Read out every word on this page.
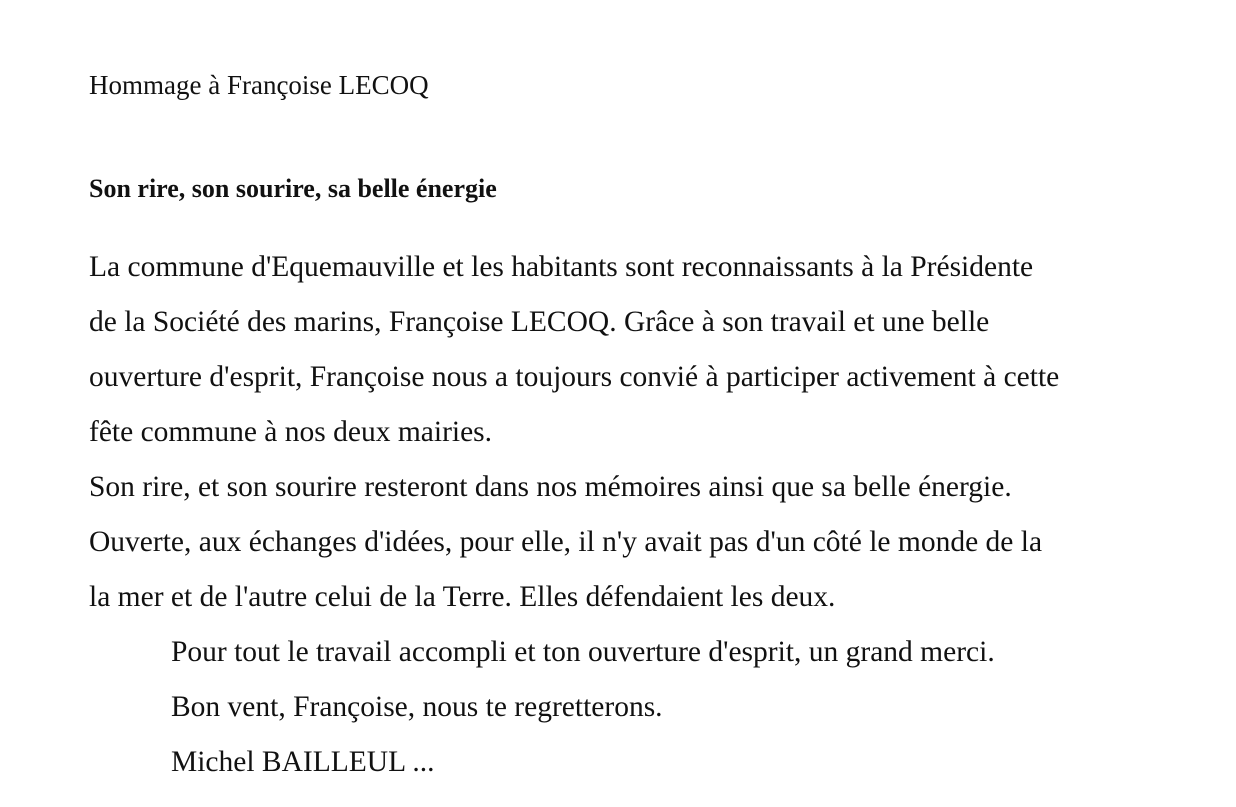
Hommage à Françoise LECOQ
Son rire, son sourire, sa belle énergie
La commune d'Equemauville et les habitants sont reconnaissants à la Présidente
de la Société des marins, Françoise LECOQ. Grâce à son travail et une belle
ouverture d'esprit, Françoise nous a toujours convié à participer activement à cette
fête commune à nos deux mairies.
Son rire, et son sourire resteront dans nos mémoires ainsi que sa belle énergie.
Ouverte, aux échanges d'idées, pour elle, il n'y avait pas d'un côté le monde de la
la mer et de l'autre celui de la Terre. Elles défendaient les deux.
Pour tout le travail accompli et ton ouverture d'esprit, un grand merci.
Bon vent, Françoise, nous te regretterons.
Michel BAILLEUL ...
